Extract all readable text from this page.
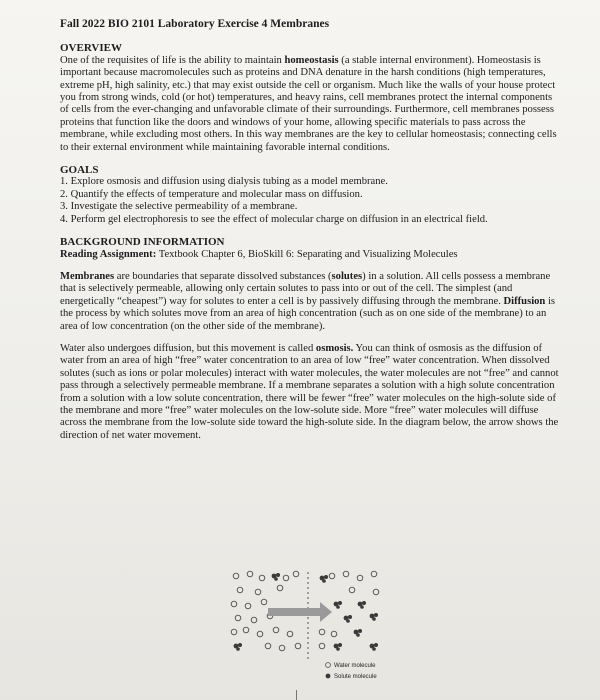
Fall 2022 BIO 2101 Laboratory Exercise 4 Membranes

OVERVIEW

One of the requisites of life is the ability to maintain homeostasis (a stable internal environment). Homeostasis is important because macromolecules such as proteins and DNA denature in the harsh conditions (high temperatures, extreme pH, high salinity, etc.) that may exist outside the cell or organism. Much like the walls of your house protect you from strong winds, cold (or hot) temperatures, and heavy rains, cell membranes protect the internal components of cells from the ever-changing and unfavorable climate of their surroundings. Furthermore, cell membranes possess proteins that function like the doors and windows of your home, allowing specific materials to pass across the membrane, while excluding most others. In this way membranes are the key to cellular homeostasis; connecting cells to their external environment while maintaining favorable internal conditions.

GOALS

1. Explore osmosis and diffusion using dialysis tubing as a model membrane.
2. Quantify the effects of temperature and molecular mass on diffusion.
3. Investigate the selective permeability of a membrane.
4. Perform gel electrophoresis to see the effect of molecular charge on diffusion in an electrical field.

BACKGROUND INFORMATION

Reading Assignment: Textbook Chapter 6, BioSkill 6: Separating and Visualizing Molecules

Membranes are boundaries that separate dissolved substances (solutes) in a solution. All cells possess a membrane that is selectively permeable, allowing only certain solutes to pass into or out of the cell. The simplest (and energetically “cheapest”) way for solutes to enter a cell is by passively diffusing through the membrane. Diffusion is the process by which solutes move from an area of high concentration (such as on one side of the membrane) to an area of low concentration (on the other side of the membrane).

Water also undergoes diffusion, but this movement is called osmosis. You can think of osmosis as the diffusion of water from an area of high “free” water concentration to an area of low “free” water concentration. When dissolved solutes (such as ions or polar molecules) interact with water molecules, the water molecules are not “free” and cannot pass through a selectively permeable membrane. If a membrane separates a solution with a high solute concentration from a solution with a low solute concentration, there will be fewer “free” water molecules on the high-solute side of the membrane and more “free” water molecules on the low-solute side. More “free” water molecules will diffuse across the membrane from the low-solute side toward the high-solute side. In the diagram below, the arrow shows the direction of net water movement.

Water molecule
Solute molecule
